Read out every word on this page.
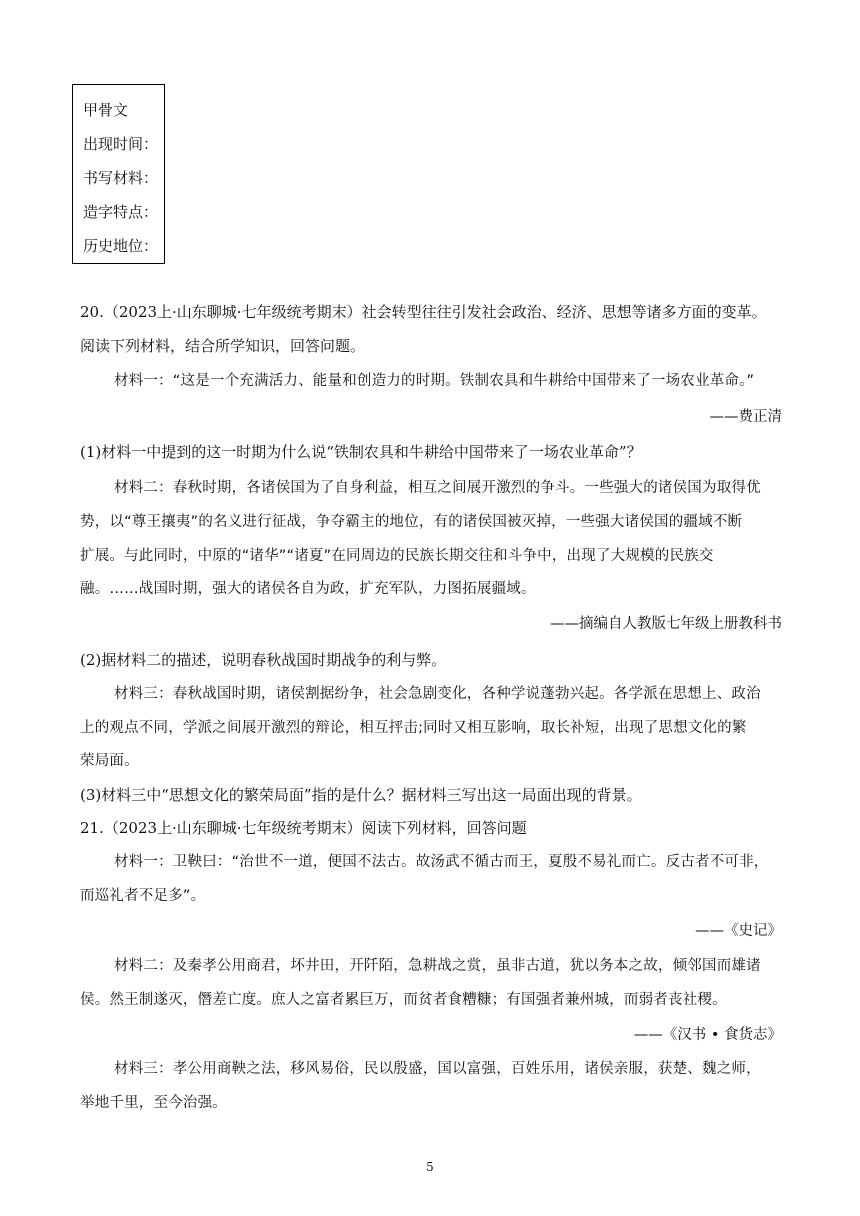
甲骨文
出现时间：
书写材料：
造字特点：
历史地位：
20.（2023上·山东聊城·七年级统考期末）社会转型往往引发社会政治、经济、思想等诸多方面的变革。
阅读下列材料，结合所学知识，回答问题。
材料一：“这是一个充满活力、能量和创造力的时期。铁制农具和牛耕给中国带来了一场农业革命。”
——费正清
(1)材料一中提到的这一时期为什么说“铁制农具和牛耕给中国带来了一场农业革命”？
材料二：春秋时期，各诸侯国为了自身利益，相互之间展开激烈的争斗。一些强大的诸侯国为取得优
势，以“尊王攘夷”的名义进行征战，争夺霸主的地位，有的诸侯国被灭掉，一些强大诸侯国的疆域不断
扩展。与此同时，中原的“诸华”“诸夏”在同周边的民族长期交往和斗争中，出现了大规模的民族交
融。……战国时期，强大的诸侯各自为政，扩充军队，力图拓展疆域。
——摘编自人教版七年级上册教科书
(2)据材料二的描述，说明春秋战国时期战争的利与弊。
材料三：春秋战国时期，诸侯割据纷争，社会急剧变化，各种学说蓬勃兴起。各学派在思想上、政治
上的观点不同，学派之间展开激烈的辩论，相互抨击;同时又相互影响，取长补短，出现了思想文化的繁
荣局面。
(3)材料三中“思想文化的繁荣局面”指的是什么？据材料三写出这一局面出现的背景。
21.（2023上·山东聊城·七年级统考期末）阅读下列材料，回答问题
材料一：卫鞅曰：“治世不一道，便国不法古。故汤武不循古而王，夏殷不易礼而亡。反古者不可非，
而巡礼者不足多”。
——《史记》
材料二：及秦孝公用商君，坏井田，开阡陌，急耕战之赏，虽非古道，犹以务本之故，倾邻国而雄诸
侯。然王制遂灭，僭差亡度。庶人之富者累巨万，而贫者食糟糠；有国强者兼州城，而弱者丧社稷。
——《汉书 • 食货志》
材料三：孝公用商鞅之法，移风易俗，民以殷盛，国以富强，百姓乐用，诸侯亲服，获楚、魏之师，
举地千里，至今治强。
5
